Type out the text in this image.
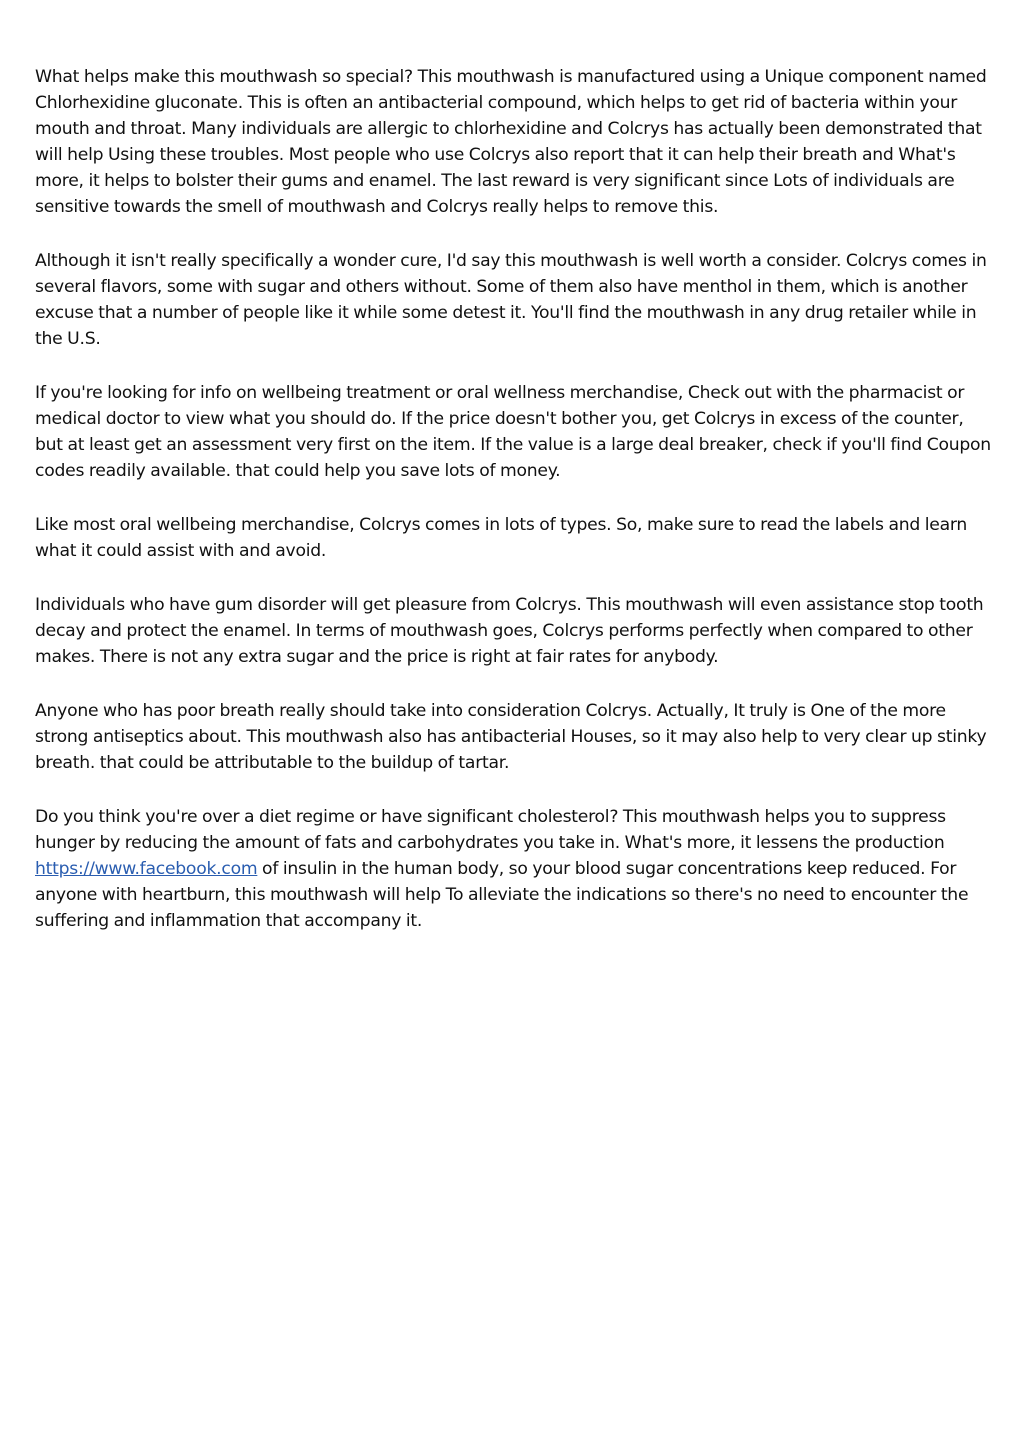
What helps make this mouthwash so special? This mouthwash is manufactured using a Unique component named Chlorhexidine gluconate. This is often an antibacterial compound, which helps to get rid of bacteria within your mouth and throat. Many individuals are allergic to chlorhexidine and Colcrys has actually been demonstrated that will help Using these troubles. Most people who use Colcrys also report that it can help their breath and What's more, it helps to bolster their gums and enamel. The last reward is very significant since Lots of individuals are sensitive towards the smell of mouthwash and Colcrys really helps to remove this.

Although it isn't really specifically a wonder cure, I'd say this mouthwash is well worth a consider. Colcrys comes in several flavors, some with sugar and others without. Some of them also have menthol in them, which is another excuse that a number of people like it while some detest it. You'll find the mouthwash in any drug retailer while in the U.S.

If you're looking for info on wellbeing treatment or oral wellness merchandise, Check out with the pharmacist or medical doctor to view what you should do. If the price doesn't bother you, get Colcrys in excess of the counter, but at least get an assessment very first on the item. If the value is a large deal breaker, check if you'll find Coupon codes readily available. that could help you save lots of money.

Like most oral wellbeing merchandise, Colcrys comes in lots of types. So, make sure to read the labels and learn what it could assist with and avoid.

Individuals who have gum disorder will get pleasure from Colcrys. This mouthwash will even assistance stop tooth decay and protect the enamel. In terms of mouthwash goes, Colcrys performs perfectly when compared to other makes. There is not any extra sugar and the price is right at fair rates for anybody.

Anyone who has poor breath really should take into consideration Colcrys. Actually, It truly is One of the more strong antiseptics about. This mouthwash also has antibacterial Houses, so it may also help to very clear up stinky breath. that could be attributable to the buildup of tartar.

Do you think you're over a diet regime or have significant cholesterol? This mouthwash helps you to suppress hunger by reducing the amount of fats and carbohydrates you take in. What's more, it lessens the production https://www.facebook.com of insulin in the human body, so your blood sugar concentrations keep reduced. For anyone with heartburn, this mouthwash will help To alleviate the indications so there's no need to encounter the suffering and inflammation that accompany it.
